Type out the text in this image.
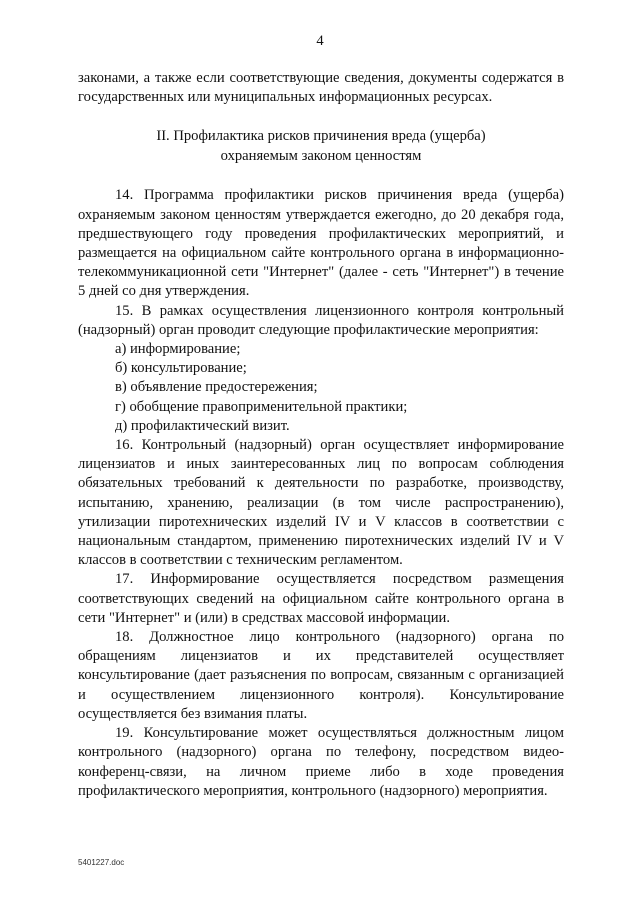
4

законами, а также если соответствующие сведения, документы содержатся в государственных или муниципальных информационных ресурсах.

II. Профилактика рисков причинения вреда (ущерба)
охраняемым законом ценностям

14. Программа профилактики рисков причинения вреда (ущерба) охраняемым законом ценностям утверждается ежегодно, до 20 декабря года, предшествующего году проведения профилактических мероприятий, и размещается на официальном сайте контрольного органа в информационно-телекоммуникационной сети "Интернет" (далее - сеть "Интернет") в течение 5 дней со дня утверждения.

15. В рамках осуществления лицензионного контроля контрольный (надзорный) орган проводит следующие профилактические мероприятия:

а) информирование;

б) консультирование;

в) объявление предостережения;

г) обобщение правоприменительной практики;

д) профилактический визит.

16. Контрольный (надзорный) орган осуществляет информирование лицензиатов и иных заинтересованных лиц по вопросам соблюдения обязательных требований к деятельности по разработке, производству, испытанию, хранению, реализации (в том числе распространению), утилизации пиротехнических изделий IV и V классов в соответствии с национальным стандартом, применению пиротехнических изделий IV и V классов в соответствии с техническим регламентом.

17. Информирование осуществляется посредством размещения соответствующих сведений на официальном сайте контрольного органа в сети "Интернет" и (или) в средствах массовой информации.

18. Должностное лицо контрольного (надзорного) органа по обращениям лицензиатов и их представителей осуществляет консультирование (дает разъяснения по вопросам, связанным с организацией и осуществлением лицензионного контроля). Консультирование осуществляется без взимания платы.

19. Консультирование может осуществляться должностным лицом контрольного (надзорного) органа по телефону, посредством видео-конференц-связи, на личном приеме либо в ходе проведения профилактического мероприятия, контрольного (надзорного) мероприятия.

5401227.doc
